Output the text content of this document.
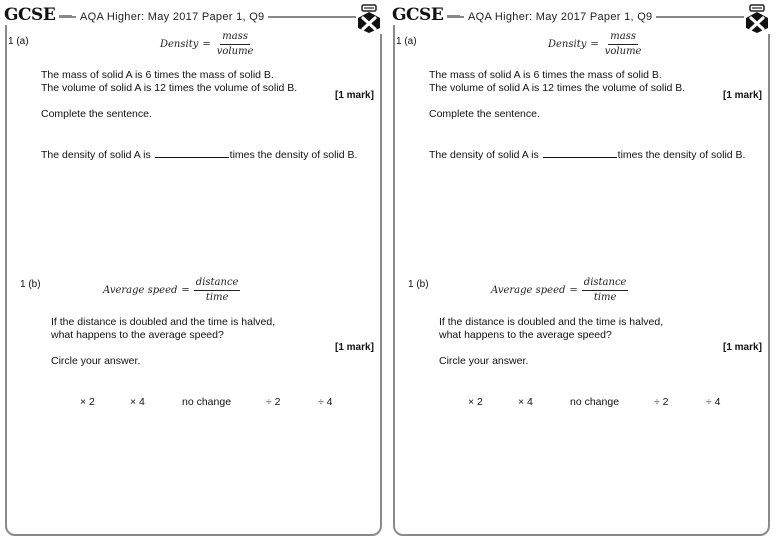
GCSE	AQA Higher: May 2017 Paper 1, Q9
1 (a)	Density = $\frac{\text{mass}}{\text{volume}}$
The mass of solid A is 6 times the mass of solid B.
The volume of solid A is 12 times the volume of solid B.
[1 mark]
Complete the sentence.
The density of solid A is	times the density of solid B.
1 (b)
Average speed = $\frac{\text{distance}}{\text{time}}$
If the distance is doubled and the time is halved,
what happens to the average speed?
[1 mark]
Circle your answer.
× 2	× 4	no change	÷ 2	÷ 4
GCSE	AQA Higher: May 2017 Paper 1, Q9
1 (a)	Density = $\frac{\text{mass}}{\text{volume}}$
The mass of solid A is 6 times the mass of solid B.
The volume of solid A is 12 times the volume of solid B.
[1 mark]
Complete the sentence.
The density of solid A is	times the density of solid B.
1 (b)
Average speed = $\frac{\text{distance}}{\text{time}}$
If the distance is doubled and the time is halved,
what happens to the average speed?
[1 mark]
Circle your answer.
× 2	× 4	no change	÷ 2	÷ 4
